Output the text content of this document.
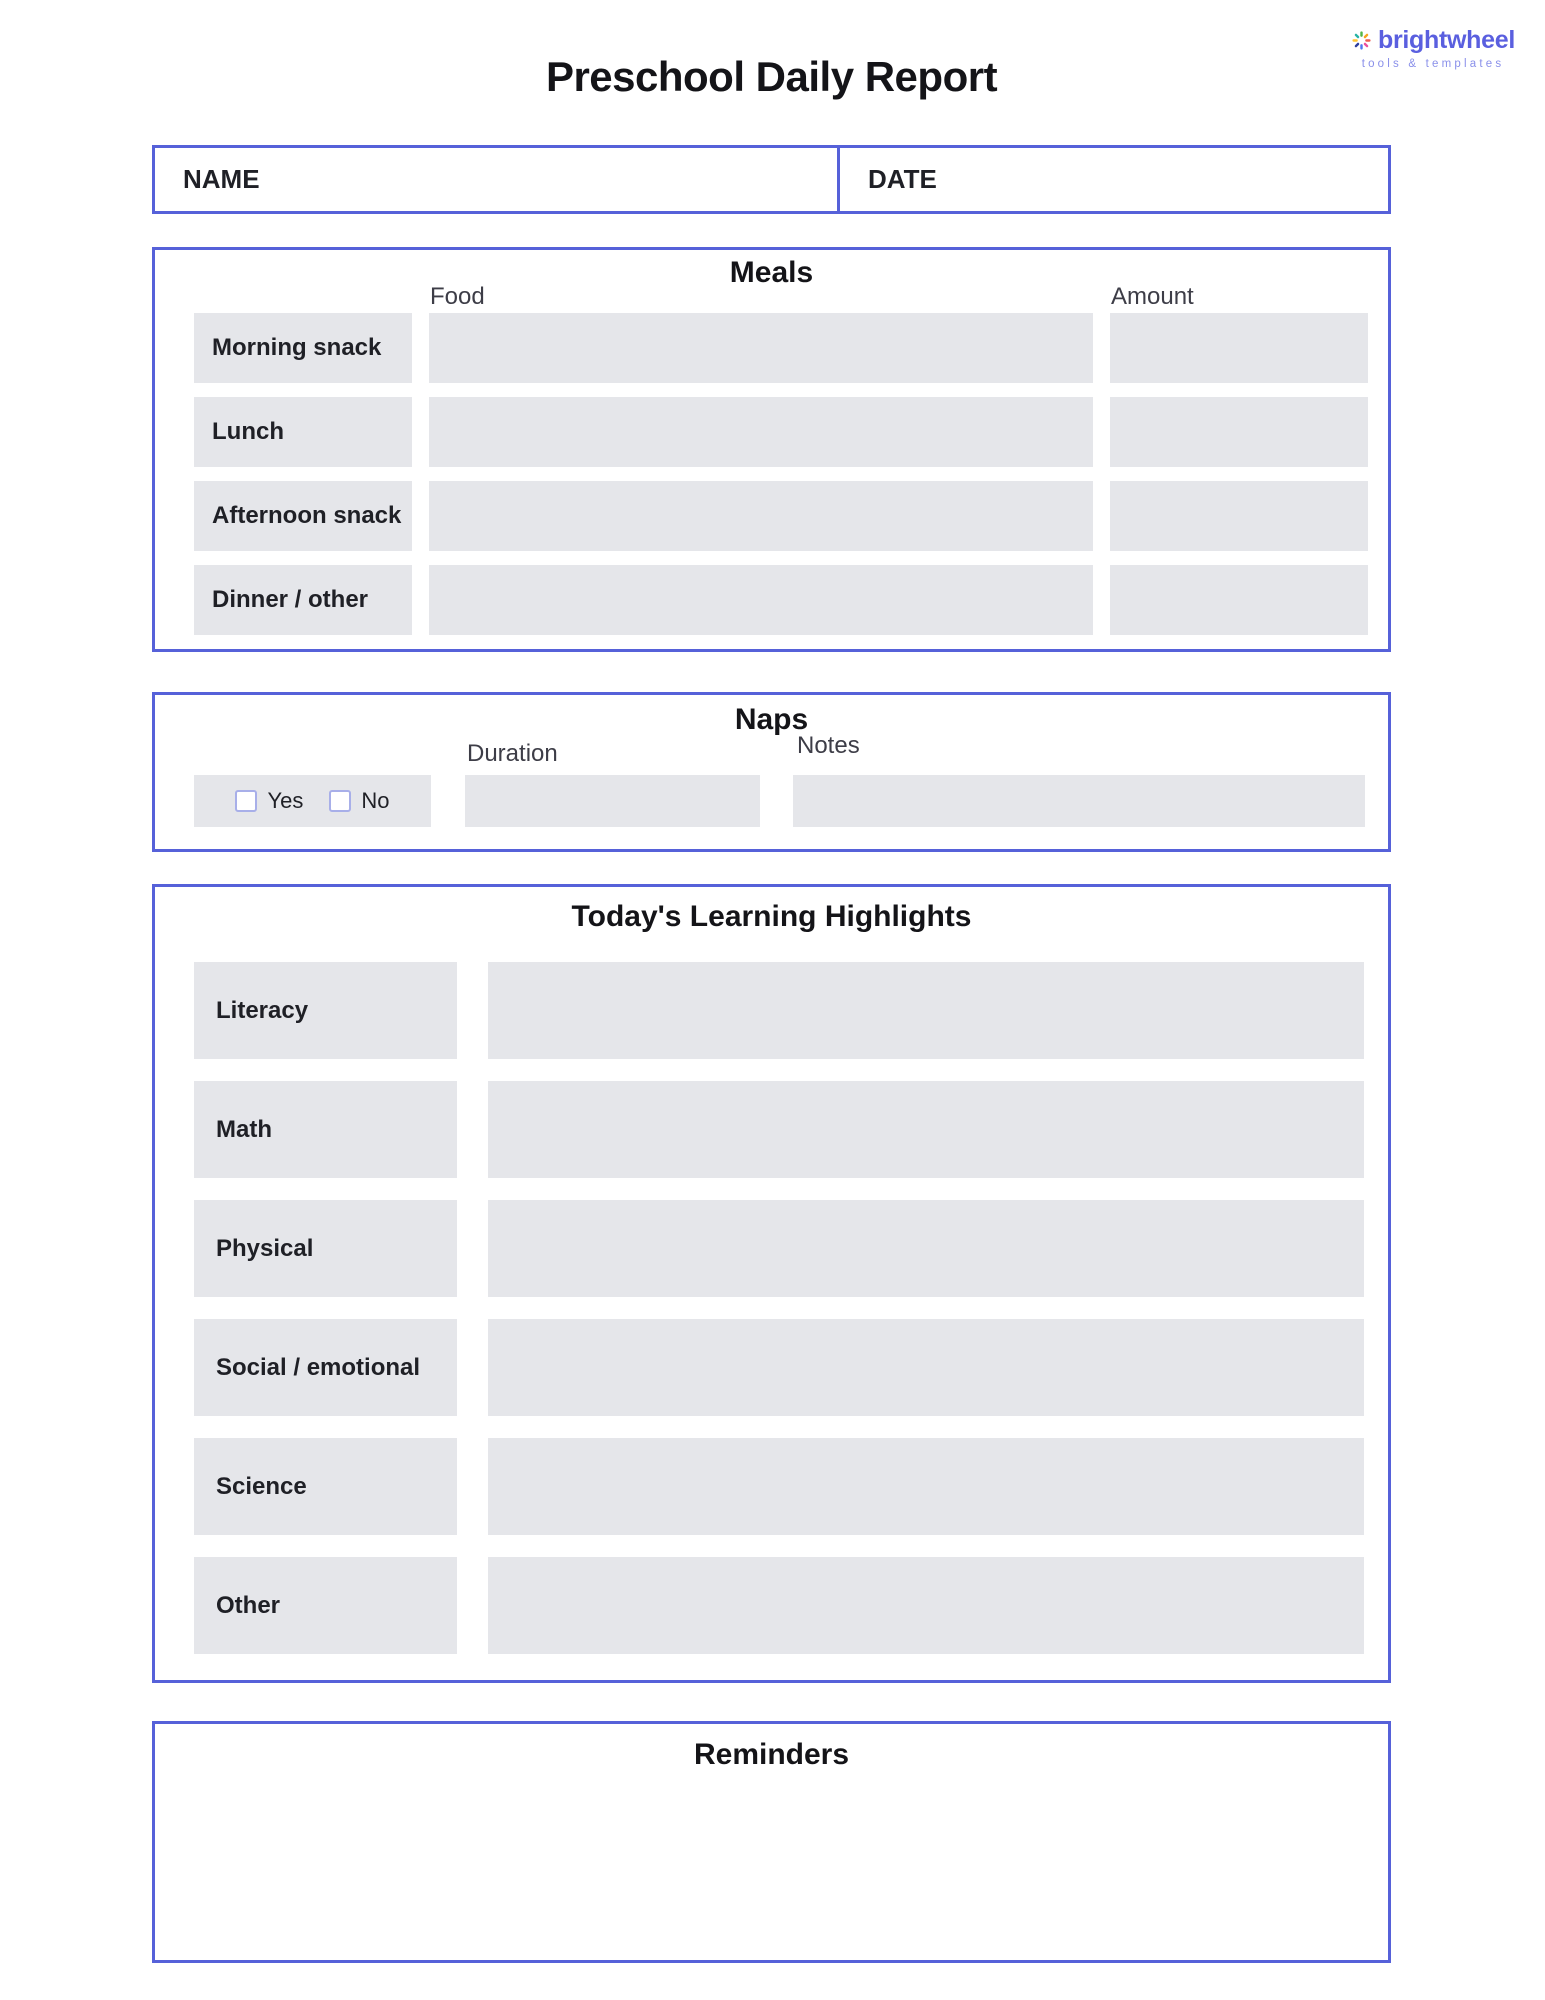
Preschool Daily Report
brightwheel
tools & templates
NAME	DATE
Meals
Food	Amount
Morning snack
Lunch
Afternoon snack
Dinner / other
Naps
Duration	Notes
Yes	No
Today's Learning Highlights
Literacy
Math
Physical
Social / emotional
Science
Other
Reminders
